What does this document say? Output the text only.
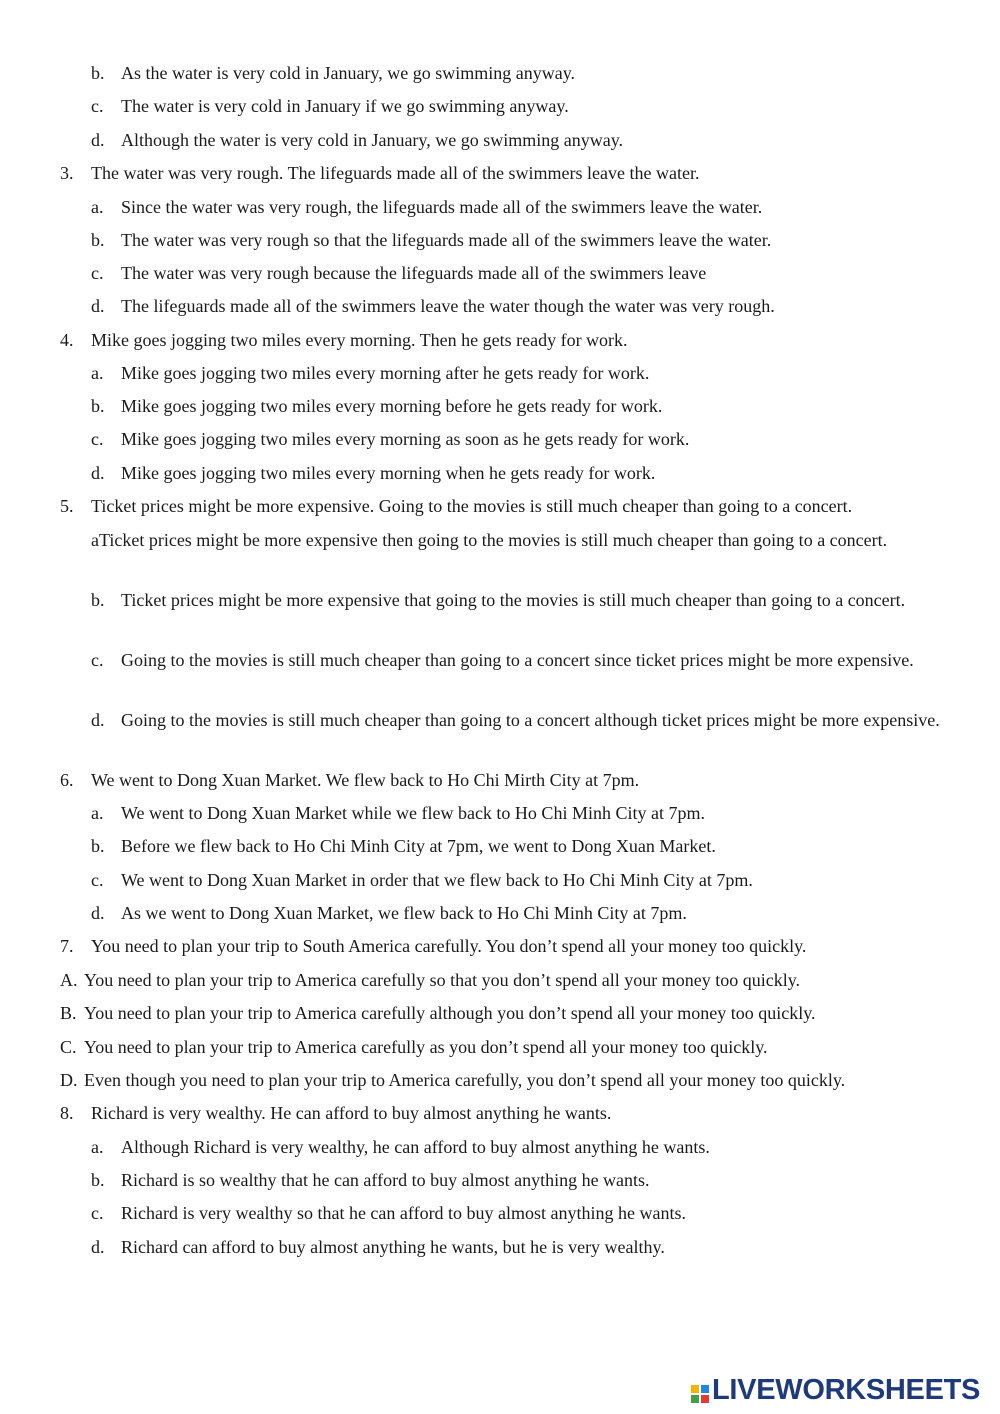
b. As the water is very cold in January, we go swimming anyway.
c. The water is very cold in January if we go swimming anyway.
d. Although the water is very cold in January, we go swimming anyway.
3. The water was very rough. The lifeguards made all of the swimmers leave the water.
a. Since the water was very rough, the lifeguards made all of the swimmers leave the water.
b. The water was very rough so that the lifeguards made all of the swimmers leave the water.
c. The water was very rough because the lifeguards made all of the swimmers leave
d. The lifeguards made all of the swimmers leave the water though the water was very rough.
4. Mike goes jogging two miles every morning. Then he gets ready for work.
a. Mike goes jogging two miles every morning after he gets ready for work.
b. Mike goes jogging two miles every morning before he gets ready for work.
c. Mike goes jogging two miles every morning as soon as he gets ready for work.
d. Mike goes jogging two miles every morning when he gets ready for work.
5. Ticket prices might be more expensive. Going to the movies is still much cheaper than going to a concert.
aTicket prices might be more expensive then going to the movies is still much cheaper than going to a concert.
b. Ticket prices might be more expensive that going to the movies is still much cheaper than going to a concert.
c. Going to the movies is still much cheaper than going to a concert since ticket prices might be more expensive.
d. Going to the movies is still much cheaper than going to a concert although ticket prices might be more expensive.
6. We went to Dong Xuan Market. We flew back to Ho Chi Mirth City at 7pm.
a. We went to Dong Xuan Market while we flew back to Ho Chi Minh City at 7pm.
b. Before we flew back to Ho Chi Minh City at 7pm, we went to Dong Xuan Market.
c. We went to Dong Xuan Market in order that we flew back to Ho Chi Minh City at 7pm.
d. As we went to Dong Xuan Market, we flew back to Ho Chi Minh City at 7pm.
7. You need to plan your trip to South America carefully. You don’t spend all your money too quickly.
A. You need to plan your trip to America carefully so that you don’t spend all your money too quickly.
B. You need to plan your trip to America carefully although you don’t spend all your money too quickly.
C. You need to plan your trip to America carefully as you don’t spend all your money too quickly.
D. Even though you need to plan your trip to America carefully, you don’t spend all your money too quickly.
8. Richard is very wealthy. He can afford to buy almost anything he wants.
a. Although Richard is very wealthy, he can afford to buy almost anything he wants.
b. Richard is so wealthy that he can afford to buy almost anything he wants.
c. Richard is very wealthy so that he can afford to buy almost anything he wants.
d. Richard can afford to buy almost anything he wants, but he is very wealthy.
LIVEWORKSHEETS
